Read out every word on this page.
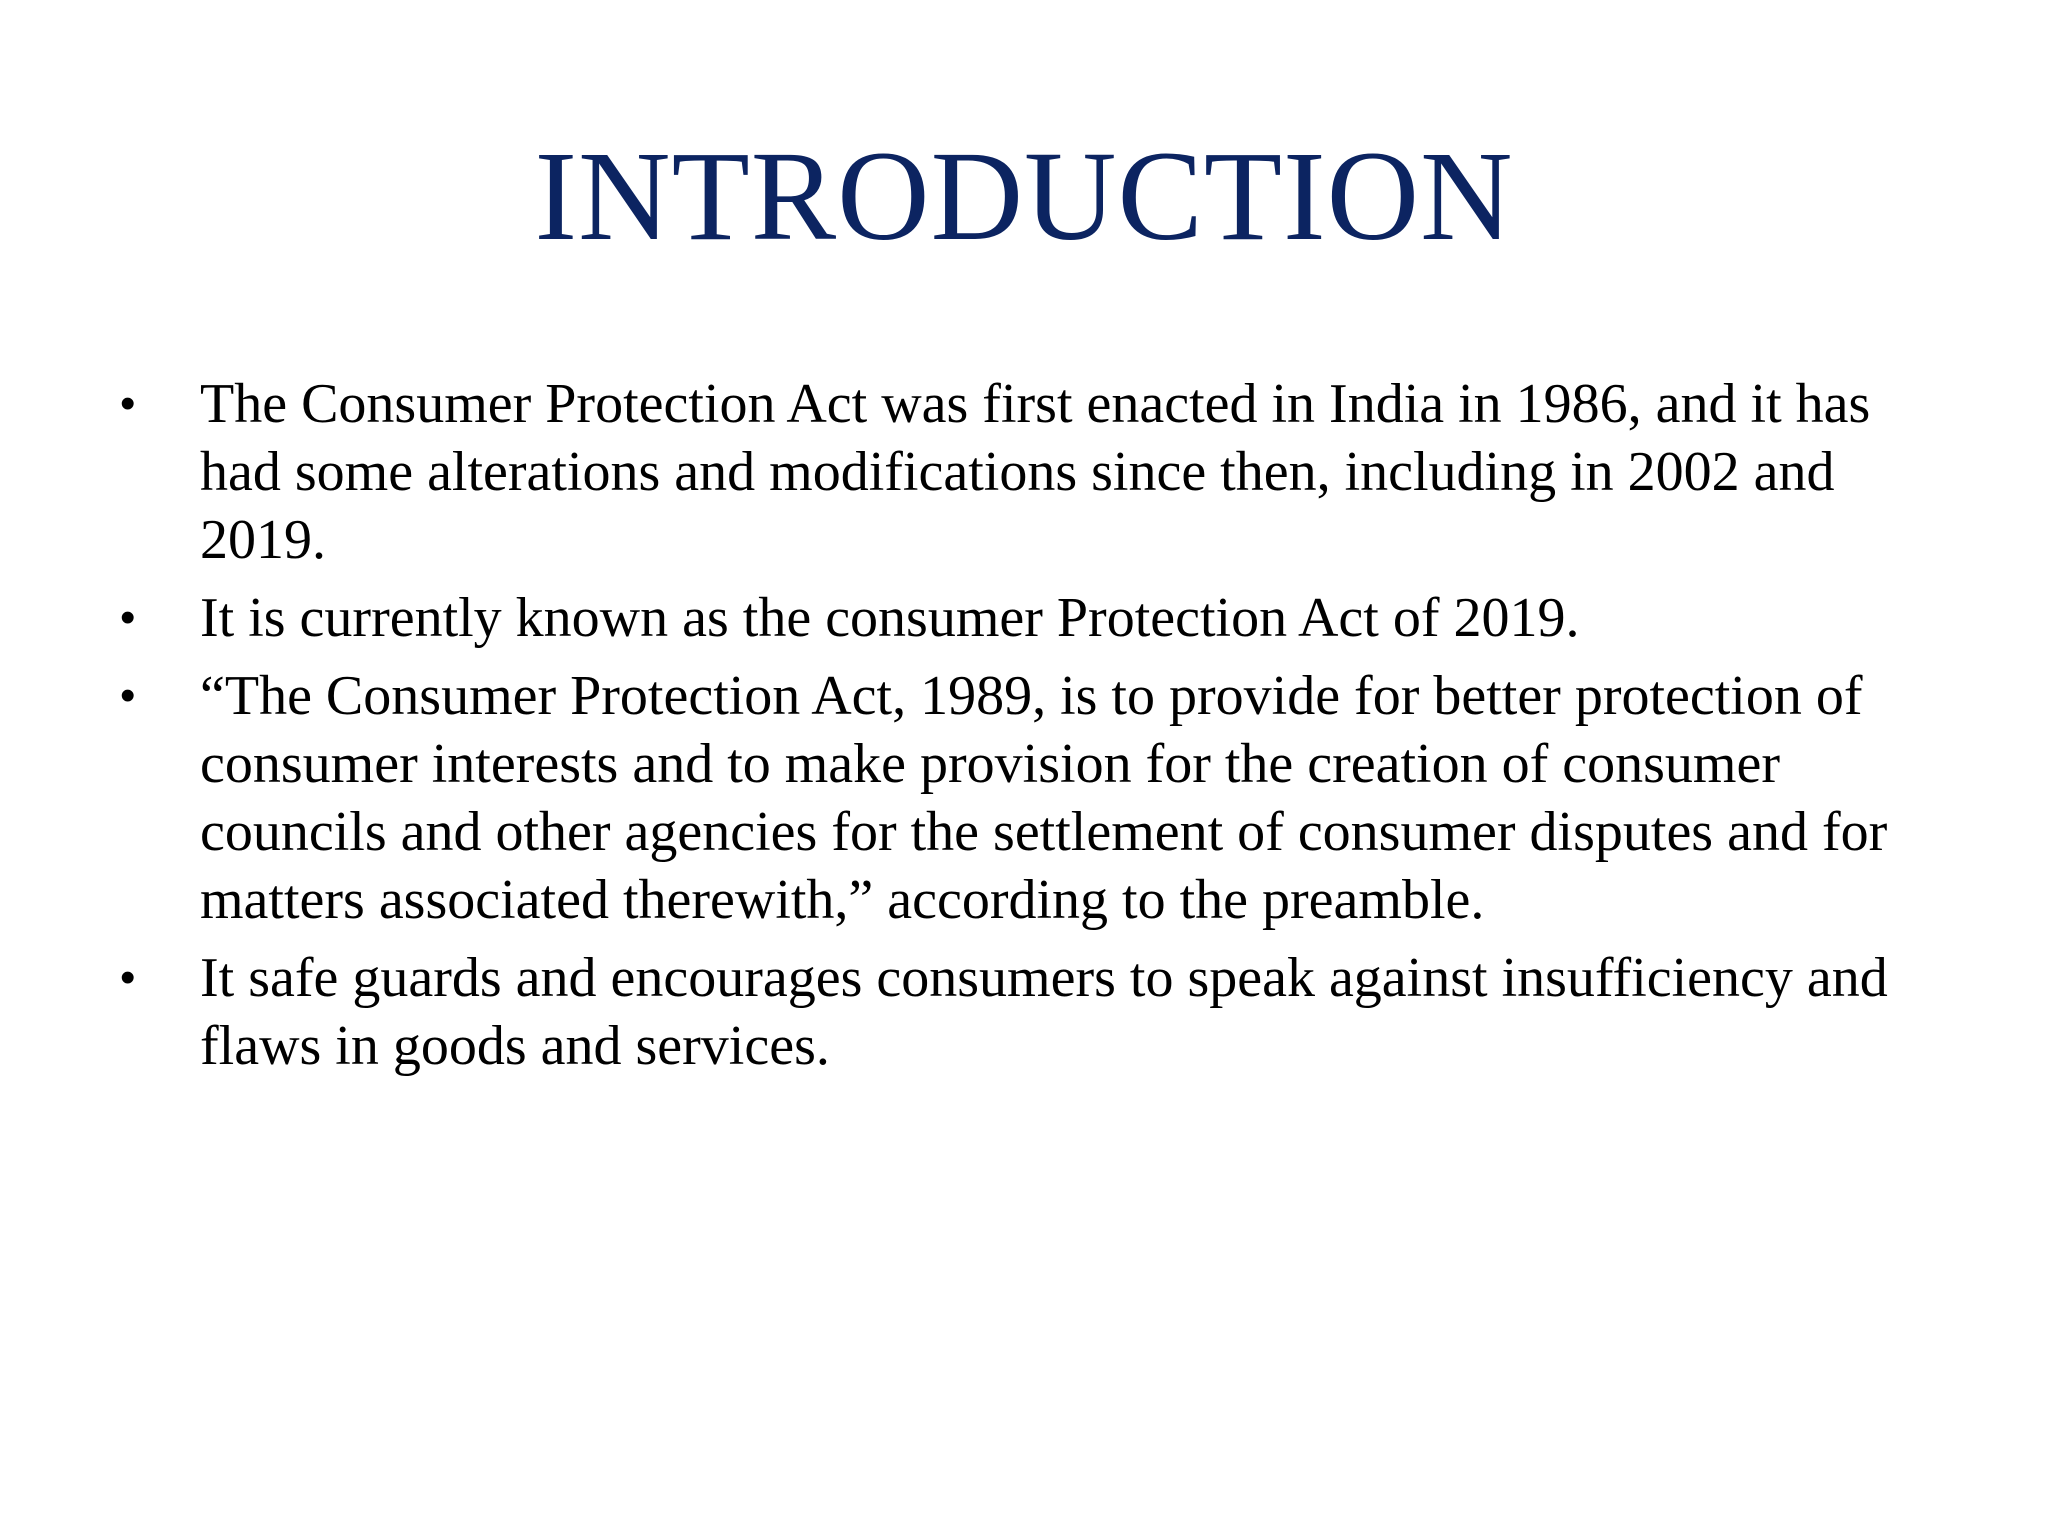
INTRODUCTION
• The Consumer Protection Act was first enacted in India in 1986, and it has had some alterations and modifications since then, including in 2002 and 2019.
• It is currently known as the consumer Protection Act of 2019.
• “The Consumer Protection Act, 1989, is to provide for better protection of consumer interests and to make provision for the creation of consumer councils and other agencies for the settlement of consumer disputes and for matters associated therewith,” according to the preamble.
• It safe guards and encourages consumers to speak against insufficiency and flaws in goods and services.
